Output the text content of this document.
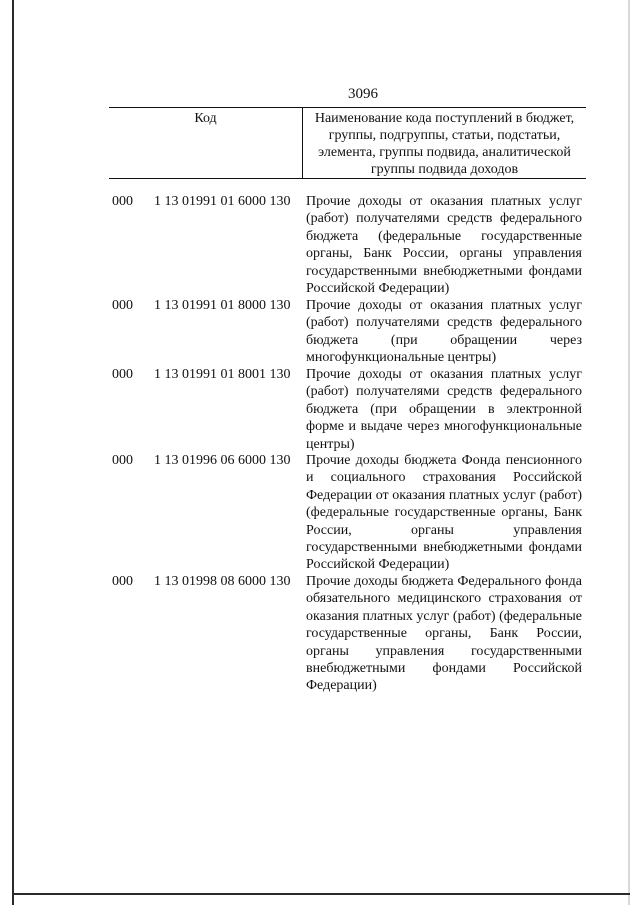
3096
Код	Наименование кода поступлений в бюджет, группы, подгруппы, статьи, подстатьи, элемента, группы подвида, аналитической группы подвида доходов
000	1 13 01991 01 6000 130	Прочие доходы от оказания платных услуг (работ) получателями средств федерального бюджета (федеральные государственные органы, Банк России, органы управления государственными внебюджетными фондами Российской Федерации)
000	1 13 01991 01 8000 130	Прочие доходы от оказания платных услуг (работ) получателями средств федерального бюджета (при обращении через многофункциональные центры)
000	1 13 01991 01 8001 130	Прочие доходы от оказания платных услуг (работ) получателями средств федерального бюджета (при обращении в электронной форме и выдаче через многофункциональные центры)
000	1 13 01996 06 6000 130	Прочие доходы бюджета Фонда пенсионного и социального страхования Российской Федерации от оказания платных услуг (работ) (федеральные государственные органы, Банк России, органы управления государственными внебюджетными фондами Российской Федерации)
000	1 13 01998 08 6000 130	Прочие доходы бюджета Федерального фонда обязательного медицинского страхования от оказания платных услуг (работ) (федеральные государственные органы, Банк России, органы управления государственными внебюджетными фондами Российской Федерации)
